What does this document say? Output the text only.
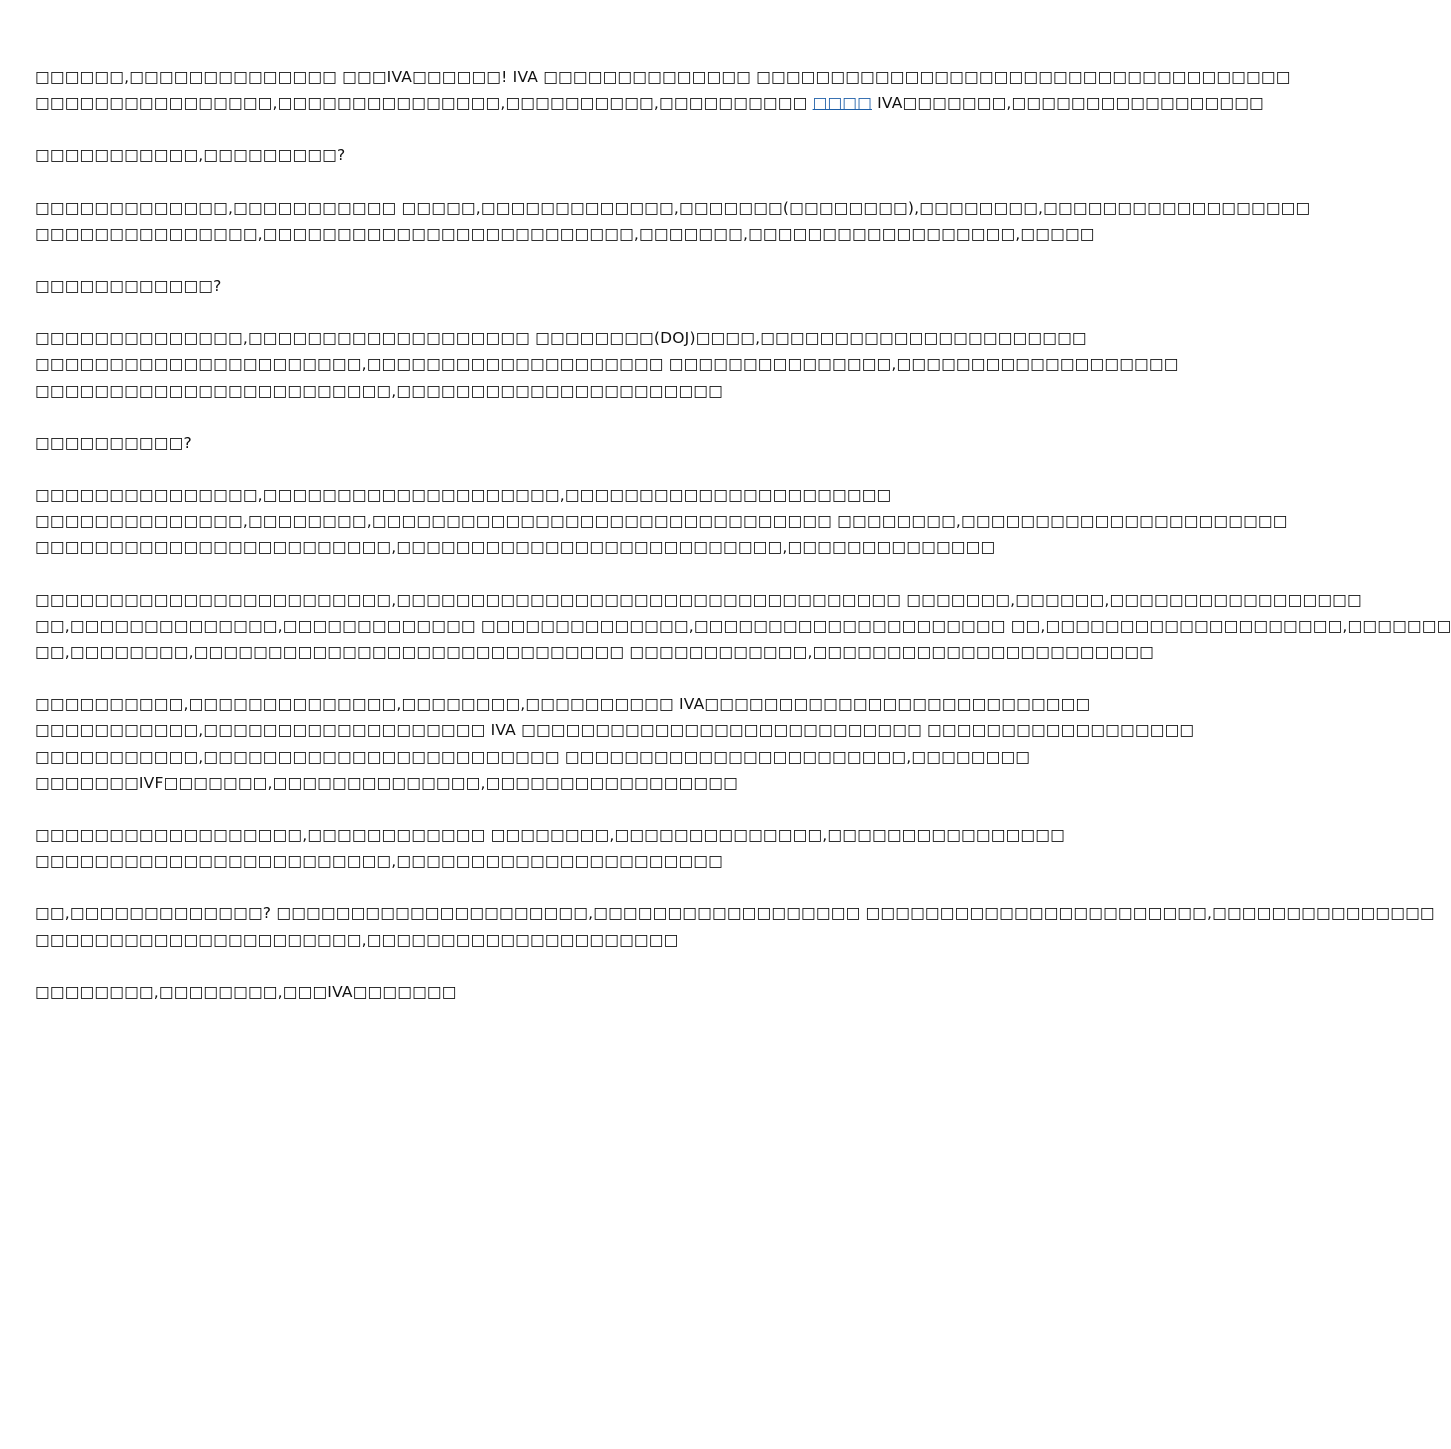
□□□□□□,□□□□□□□□□□□□□□ □□□IVA□□□□□□! IVA □□□□□□□□□□□□□□ □□□□□□□□□□□□□□□□□□□□□□□□□□□□□□□□□□□□
□□□□□□□□□□□□□□□□,□□□□□□□□□□□□□□□,□□□□□□□□□□,□□□□□□□□□□ □□□□ IVA□□□□□□□,□□□□□□□□□□□□□□□□□

□□□□□□□□□□□,□□□□□□□□□?

□□□□□□□□□□□□□,□□□□□□□□□□□ □□□□□,□□□□□□□□□□□□□,□□□□□□□(□□□□□□□□),□□□□□□□□,□□□□□□□□□□□□□□□□□□
□□□□□□□□□□□□□□□,□□□□□□□□□□□□□□□□□□□□□□□□□,□□□□□□□,□□□□□□□□□□□□□□□□□□,□□□□□

□□□□□□□□□□□□?

□□□□□□□□□□□□□□,□□□□□□□□□□□□□□□□□□□ □□□□□□□□(DOJ)□□□□,□□□□□□□□□□□□□□□□□□□□□□
□□□□□□□□□□□□□□□□□□□□□□,□□□□□□□□□□□□□□□□□□□□ □□□□□□□□□□□□□□□,□□□□□□□□□□□□□□□□□□□
□□□□□□□□□□□□□□□□□□□□□□□□,□□□□□□□□□□□□□□□□□□□□□□

□□□□□□□□□□?

□□□□□□□□□□□□□□□,□□□□□□□□□□□□□□□□□□□□,□□□□□□□□□□□□□□□□□□□□□□
□□□□□□□□□□□□□□,□□□□□□□□,□□□□□□□□□□□□□□□□□□□□□□□□□□□□□□□ □□□□□□□□,□□□□□□□□□□□□□□□□□□□□□□
□□□□□□□□□□□□□□□□□□□□□□□□,□□□□□□□□□□□□□□□□□□□□□□□□□□,□□□□□□□□□□□□□□

□□□□□□□□□□□□□□□□□□□□□□□□,□□□□□□□□□□□□□□□□□□□□□□□□□□□□□□□□□□ □□□□□□□,□□□□□□,□□□□□□□□□□□□□□□□□
□□,□□□□□□□□□□□□□□,□□□□□□□□□□□□□ □□□□□□□□□□□□□□,□□□□□□□□□□□□□□□□□□□□□ □□,□□□□□□□□□□□□□□□□□□□□,□□□□□□□
□□,□□□□□□□□,□□□□□□□□□□□□□□□□□□□□□□□□□□□□□ □□□□□□□□□□□□,□□□□□□□□□□□□□□□□□□□□□□□

□□□□□□□□□□,□□□□□□□□□□□□□□,□□□□□□□□,□□□□□□□□□□ IVA□□□□□□□□□□□□□□□□□□□□□□□□□□
□□□□□□□□□□□,□□□□□□□□□□□□□□□□□□□ IVA □□□□□□□□□□□□□□□□□□□□□□□□□□□ □□□□□□□□□□□□□□□□□□
□□□□□□□□□□□,□□□□□□□□□□□□□□□□□□□□□□□□ □□□□□□□□□□□□□□□□□□□□□□□,□□□□□□□□
□□□□□□□IVF□□□□□□□,□□□□□□□□□□□□□□,□□□□□□□□□□□□□□□□□

□□□□□□□□□□□□□□□□□□,□□□□□□□□□□□□ □□□□□□□□,□□□□□□□□□□□□□□,□□□□□□□□□□□□□□□□
□□□□□□□□□□□□□□□□□□□□□□□□,□□□□□□□□□□□□□□□□□□□□□□

□□,□□□□□□□□□□□□□? □□□□□□□□□□□□□□□□□□□□□,□□□□□□□□□□□□□□□□□□ □□□□□□□□□□□□□□□□□□□□□□□,□□□□□□□□□□□□□□□
□□□□□□□□□□□□□□□□□□□□□□,□□□□□□□□□□□□□□□□□□□□□

□□□□□□□□,□□□□□□□□,□□□IVA□□□□□□□
